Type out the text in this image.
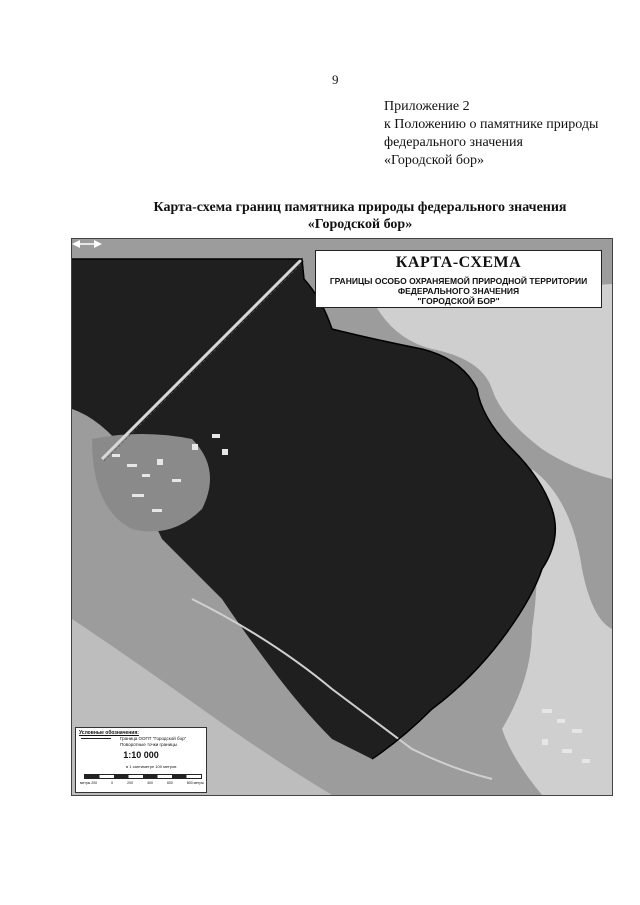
9
Приложение 2
к Положению о памятнике природы
федерального значения
«Городской бор»
Карта-схема границ памятника природы федерального значения
«Городской бор»
КАРТА-СХЕМА
ГРАНИЦЫ ОСОБО ОХРАНЯЕМОЙ ПРИРОДНОЙ ТЕРРИТОРИИ
ФЕДЕРАЛЬНОГО ЗНАЧЕНИЯ
"ГОРОДСКОЙ БОР"
Условные обозначения:
Граница ООПТ "Городской бор"
Поворотные точки границы
1:10 000
в 1 сантиметре 100 метров
метры 200	0	200	400	600	800 метры
